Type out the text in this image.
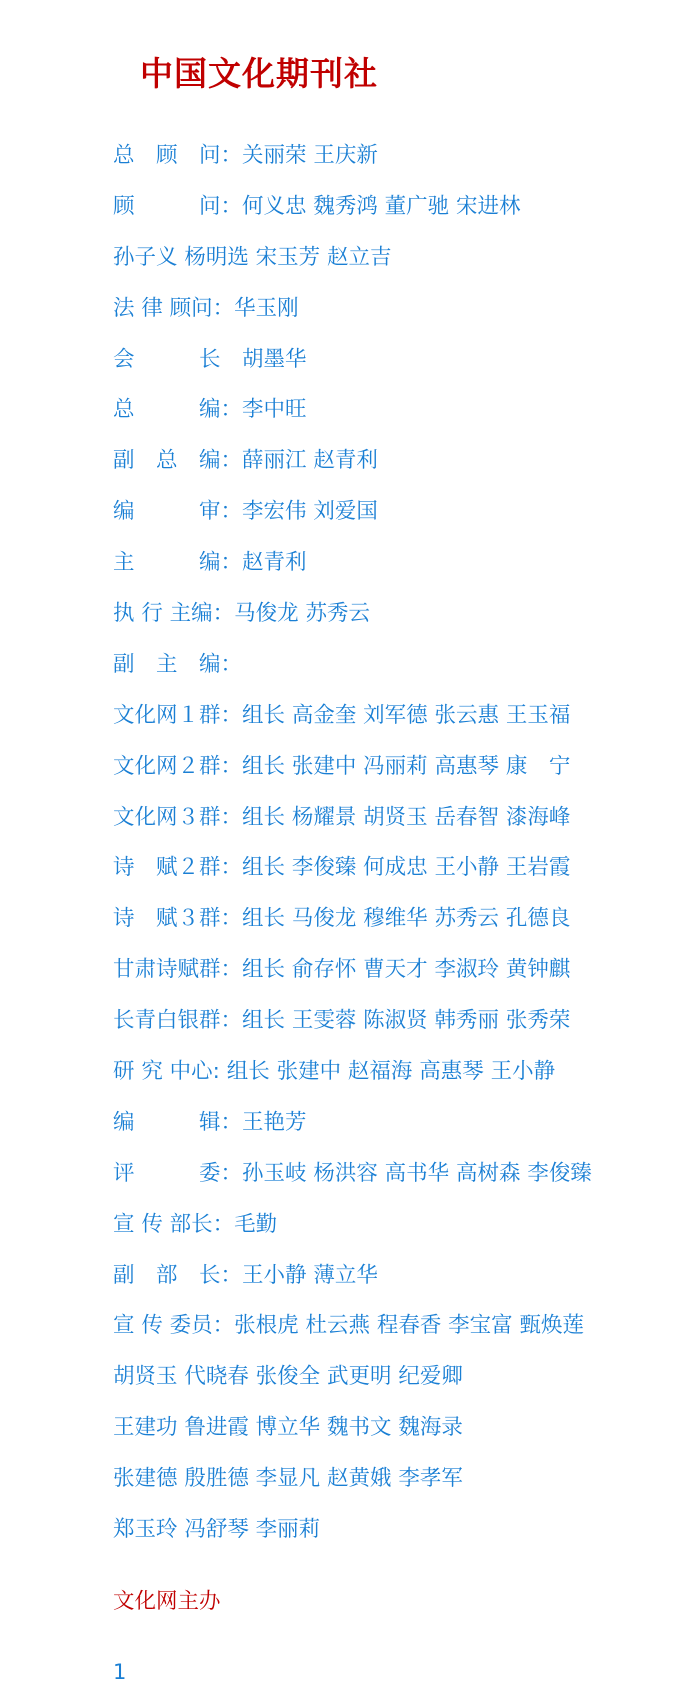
中国文化期刊社
总　顾　问：关丽荣 王庆新
顾　　　问：何义忠 魏秀鸿 董广驰 宋进林
孙子义 杨明选 宋玉芳 赵立吉
法 律 顾问：华玉刚
会　　　长　胡墨华
总　　　编：李中旺
副　总　编：薛丽江 赵青利
编　　　审：李宏伟 刘爱国
主　　　编：赵青利
执 行 主编：马俊龙 苏秀云
副　主　编：
文化网１群：组长 高金奎 刘军德 张云惠 王玉福
文化网２群：组长 张建中 冯丽莉 高惠琴 康　宁
文化网３群：组长 杨耀景 胡贤玉 岳春智 漆海峰
诗　赋２群：组长 李俊臻 何成忠 王小静 王岩霞
诗　赋３群：组长 马俊龙 穆维华 苏秀云 孔德良
甘肃诗赋群：组长 俞存怀 曹天才 李淑玲 黄钟麒
长青白银群：组长 王雯蓉 陈淑贤 韩秀丽 张秀荣
研 究 中心: 组长 张建中 赵福海 高惠琴 王小静
编　　　辑：王艳芳
评　　　委：孙玉岐 杨洪容 高书华 高树森 李俊臻
宣 传 部长：毛勤
副　部　长：王小静 薄立华
宣 传 委员：张根虎 杜云燕 程春香 李宝富 甄焕莲
胡贤玉 代晓春 张俊全 武更明 纪爱卿
王建功 鲁进霞 博立华 魏书文 魏海录
张建德 殷胜德 李显凡 赵黄娥 李孝军
郑玉玲 冯舒琴 李丽莉
文化网主办
1
